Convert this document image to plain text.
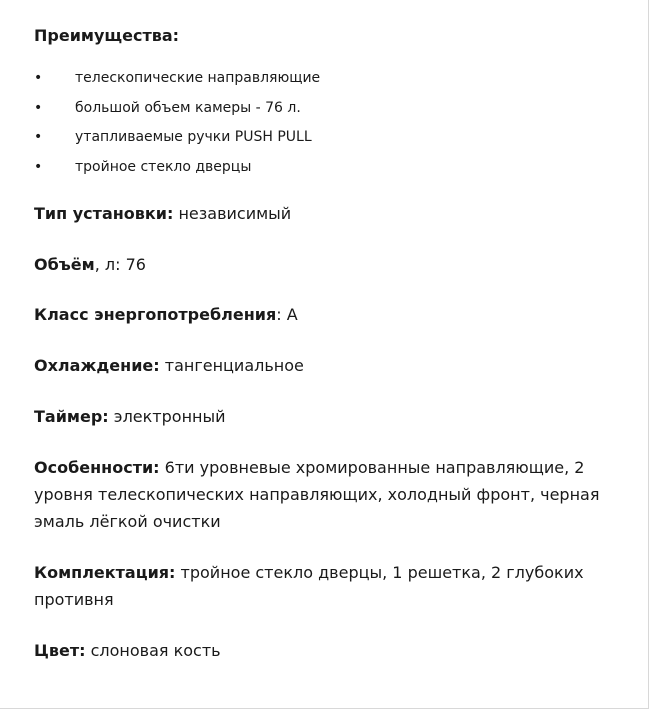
Преимущества:

• телескопические направляющие
• большой объем камеры - 76 л.
• утапливаемые ручки PUSH PULL
• тройное стекло дверцы

Тип установки: независимый

Объём, л: 76

Класс энергопотребления: A

Охлаждение: тангенциальное

Таймер: электронный

Особенности: 6ти уровневые хромированные направляющие, 2 уровня телескопических направляющих, холодный фронт, черная эмаль лёгкой очистки

Комплектация: тройное стекло дверцы, 1 решетка, 2 глубоких противня

Цвет: слоновая кость
